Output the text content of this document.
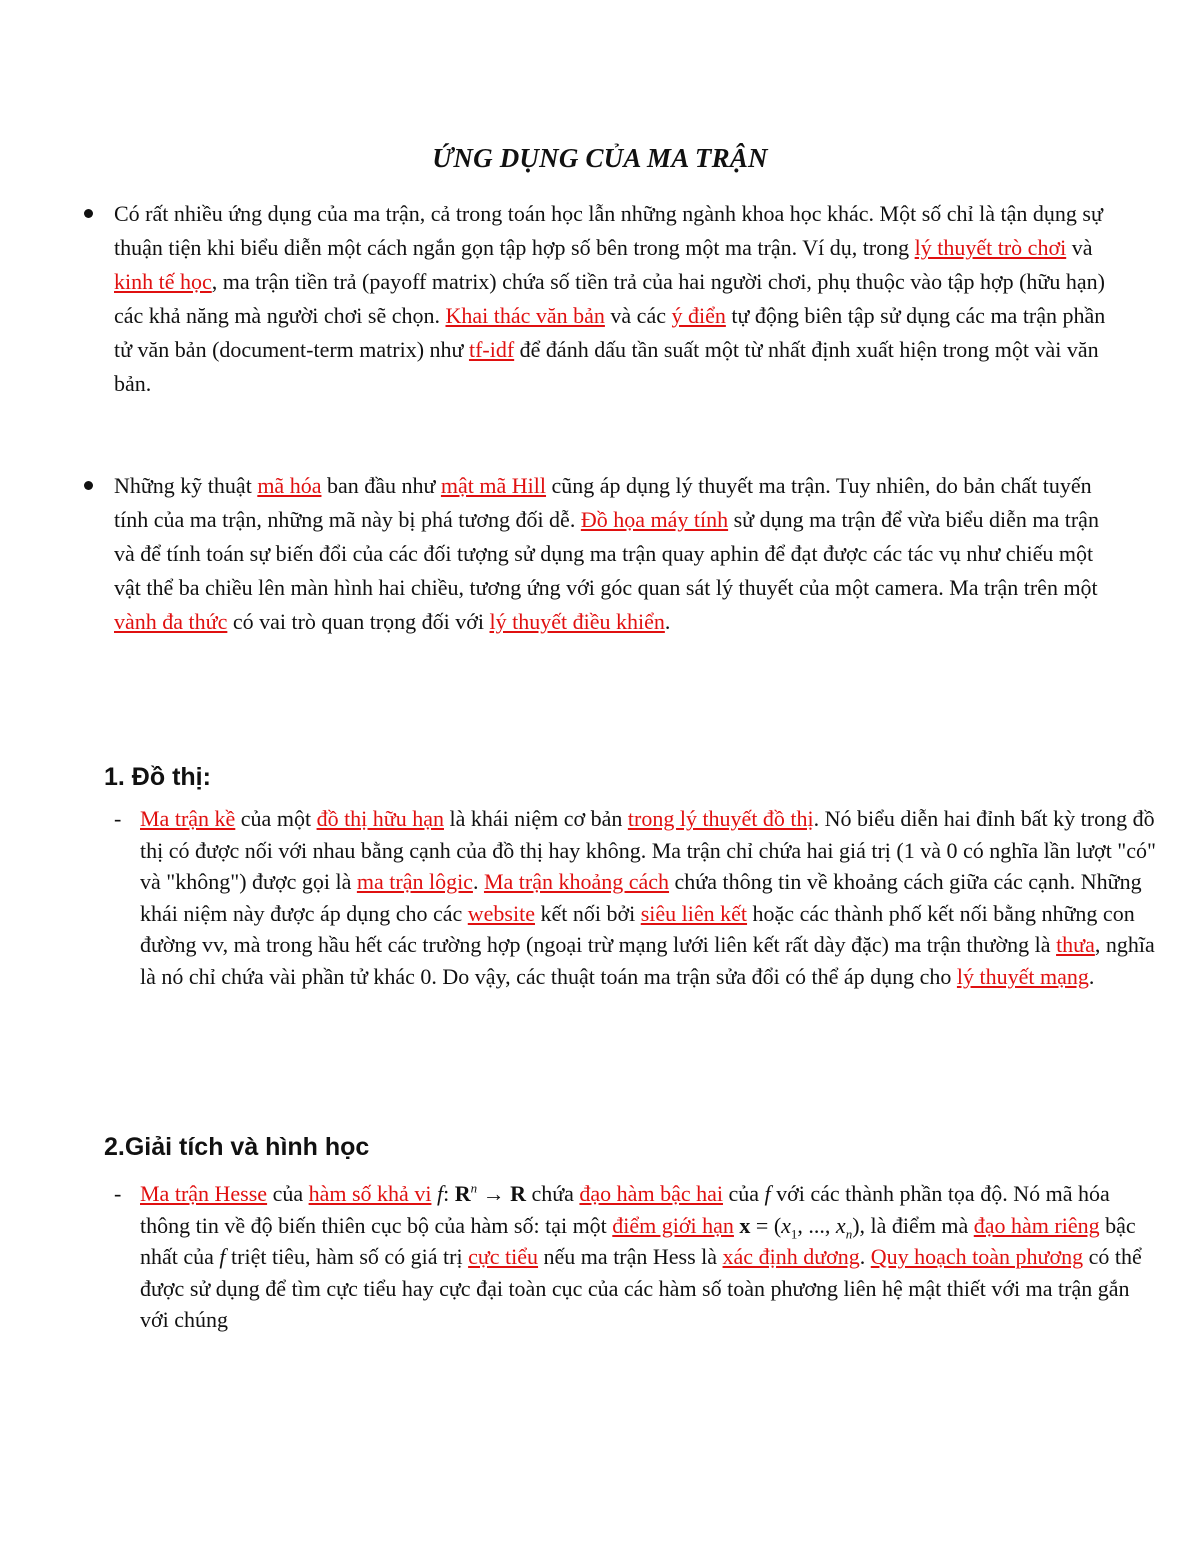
ỨNG DỤNG CỦA MA TRẬN
Có rất nhiều ứng dụng của ma trận, cả trong toán học lẫn những ngành khoa học khác. Một số chỉ là tận dụng sự thuận tiện khi biểu diễn một cách ngắn gọn tập hợp số bên trong một ma trận. Ví dụ, trong lý thuyết trò chơi và kinh tế học, ma trận tiền trả (payoff matrix) chứa số tiền trả của hai người chơi, phụ thuộc vào tập hợp (hữu hạn) các khả năng mà người chơi sẽ chọn. Khai thác văn bản và các ý điển tự động biên tập sử dụng các ma trận phần tử văn bản (document-term matrix) như tf-idf để đánh dấu tần suất một từ nhất định xuất hiện trong một vài văn bản.
Những kỹ thuật mã hóa ban đầu như mật mã Hill cũng áp dụng lý thuyết ma trận. Tuy nhiên, do bản chất tuyến tính của ma trận, những mã này bị phá tương đối dễ. Đồ họa máy tính sử dụng ma trận để vừa biểu diễn ma trận và để tính toán sự biến đổi của các đối tượng sử dụng ma trận quay aphin để đạt được các tác vụ như chiếu một vật thể ba chiều lên màn hình hai chiều, tương ứng với góc quan sát lý thuyết của một camera. Ma trận trên một vành đa thức có vai trò quan trọng đối với lý thuyết điều khiển.
1. Đồ thị:
- Ma trận kề của một đồ thị hữu hạn là khái niệm cơ bản trong lý thuyết đồ thị. Nó biểu diễn hai đỉnh bất kỳ trong đồ thị có được nối với nhau bằng cạnh của đồ thị hay không. Ma trận chỉ chứa hai giá trị (1 và 0 có nghĩa lần lượt "có" và "không") được gọi là ma trận lôgic. Ma trận khoảng cách chứa thông tin về khoảng cách giữa các cạnh. Những khái niệm này được áp dụng cho các website kết nối bởi siêu liên kết hoặc các thành phố kết nối bằng những con đường vv, mà trong hầu hết các trường hợp (ngoại trừ mạng lưới liên kết rất dày đặc) ma trận thường là thưa, nghĩa là nó chỉ chứa vài phần tử khác 0. Do vậy, các thuật toán ma trận sửa đổi có thể áp dụng cho lý thuyết mạng.
2.Giải tích và hình học
- Ma trận Hesse của hàm số khả vi f: $R^n \to R$ chứa đạo hàm bậc hai của f với các thành phần tọa độ. Nó mã hóa thông tin về độ biến thiên cục bộ của hàm số: tại một điểm giới hạn $x = (x_1$, ..., $x_n$), là điểm mà đạo hàm riêng bậc nhất của f triệt tiêu, hàm số có giá trị cực tiểu nếu ma trận Hess là xác định dương. Quy hoạch toàn phương có thể được sử dụng để tìm cực tiểu hay cực đại toàn cục của các hàm số toàn phương liên hệ mật thiết với ma trận gắn với chúng
